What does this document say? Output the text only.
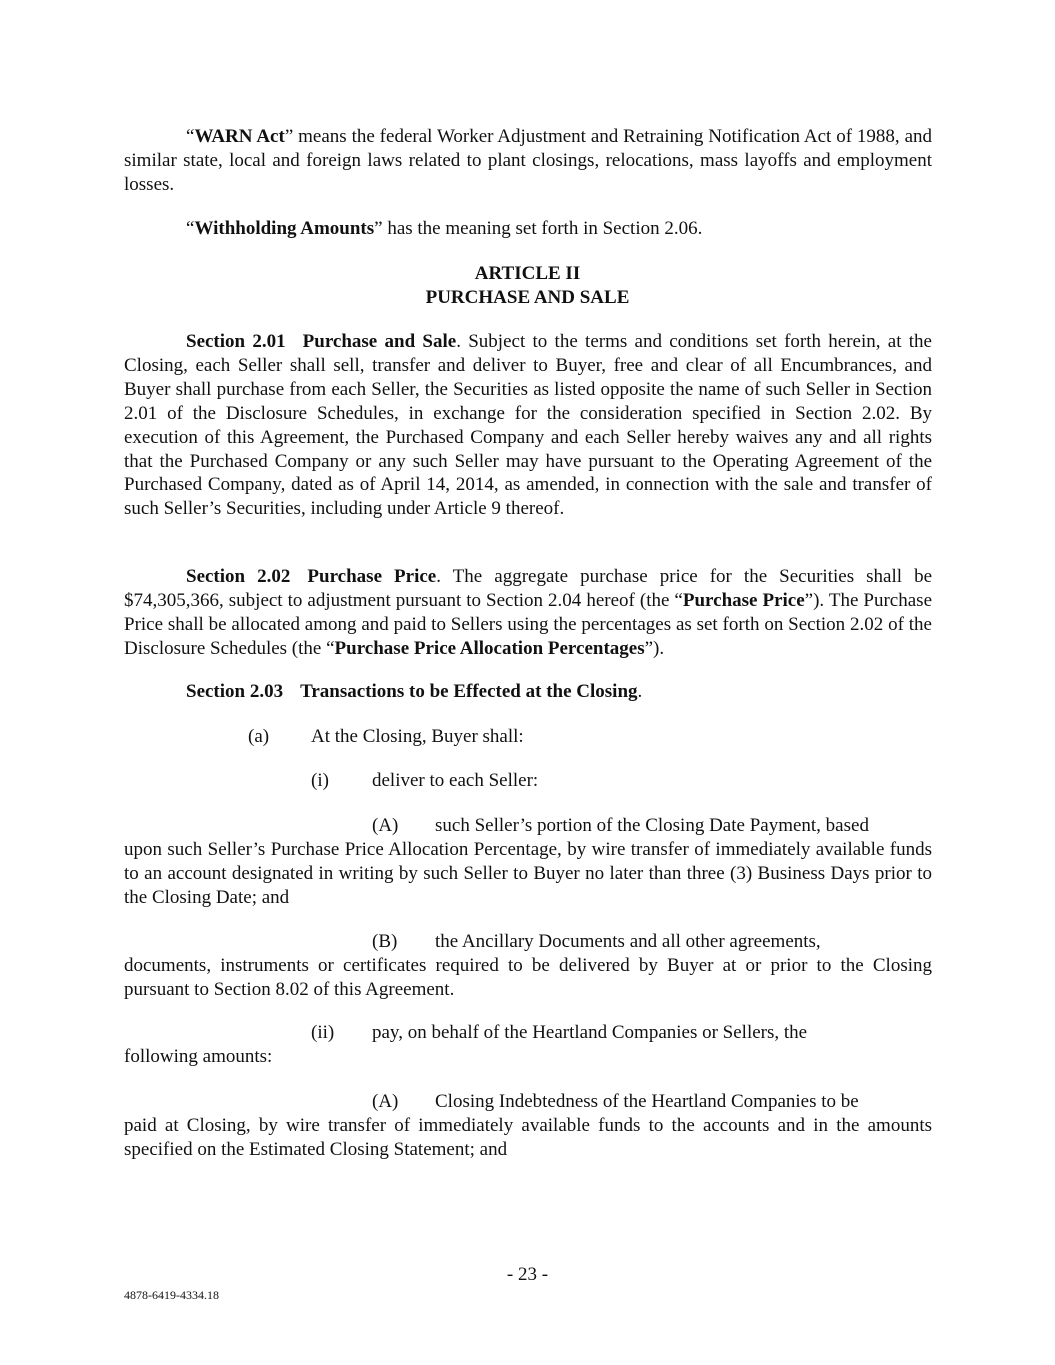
“WARN Act” means the federal Worker Adjustment and Retraining Notification Act of 1988, and similar state, local and foreign laws related to plant closings, relocations, mass layoffs and employment losses.

“Withholding Amounts” has the meaning set forth in Section 2.06.

ARTICLE II
PURCHASE AND SALE

Section 2.01 Purchase and Sale. Subject to the terms and conditions set forth herein, at the Closing, each Seller shall sell, transfer and deliver to Buyer, free and clear of all Encumbrances, and Buyer shall purchase from each Seller, the Securities as listed opposite the name of such Seller in Section 2.01 of the Disclosure Schedules, in exchange for the consideration specified in Section 2.02. By execution of this Agreement, the Purchased Company and each Seller hereby waives any and all rights that the Purchased Company or any such Seller may have pursuant to the Operating Agreement of the Purchased Company, dated as of April 14, 2014, as amended, in connection with the sale and transfer of such Seller’s Securities, including under Article 9 thereof.

Section 2.02 Purchase Price. The aggregate purchase price for the Securities shall be $74,305,366, subject to adjustment pursuant to Section 2.04 hereof (the “Purchase Price”). The Purchase Price shall be allocated among and paid to Sellers using the percentages as set forth on Section 2.02 of the Disclosure Schedules (the “Purchase Price Allocation Percentages”).

Section 2.03 Transactions to be Effected at the Closing.

(a) At the Closing, Buyer shall:
(i) deliver to each Seller:
(A) such Seller’s portion of the Closing Date Payment, based

upon such Seller’s Purchase Price Allocation Percentage, by wire transfer of immediately available funds to an account designated in writing by such Seller to Buyer no later than three (3) Business Days prior to the Closing Date; and

(B) the Ancillary Documents and all other agreements,

documents, instruments or certificates required to be delivered by Buyer at or prior to the Closing pursuant to Section 8.02 of this Agreement.

(ii) pay, on behalf of the Heartland Companies or Sellers, the

following amounts:

(A) Closing Indebtedness of the Heartland Companies to be

paid at Closing, by wire transfer of immediately available funds to the accounts and in the amounts specified on the Estimated Closing Statement; and

- 23 -
4878-6419-4334.18
